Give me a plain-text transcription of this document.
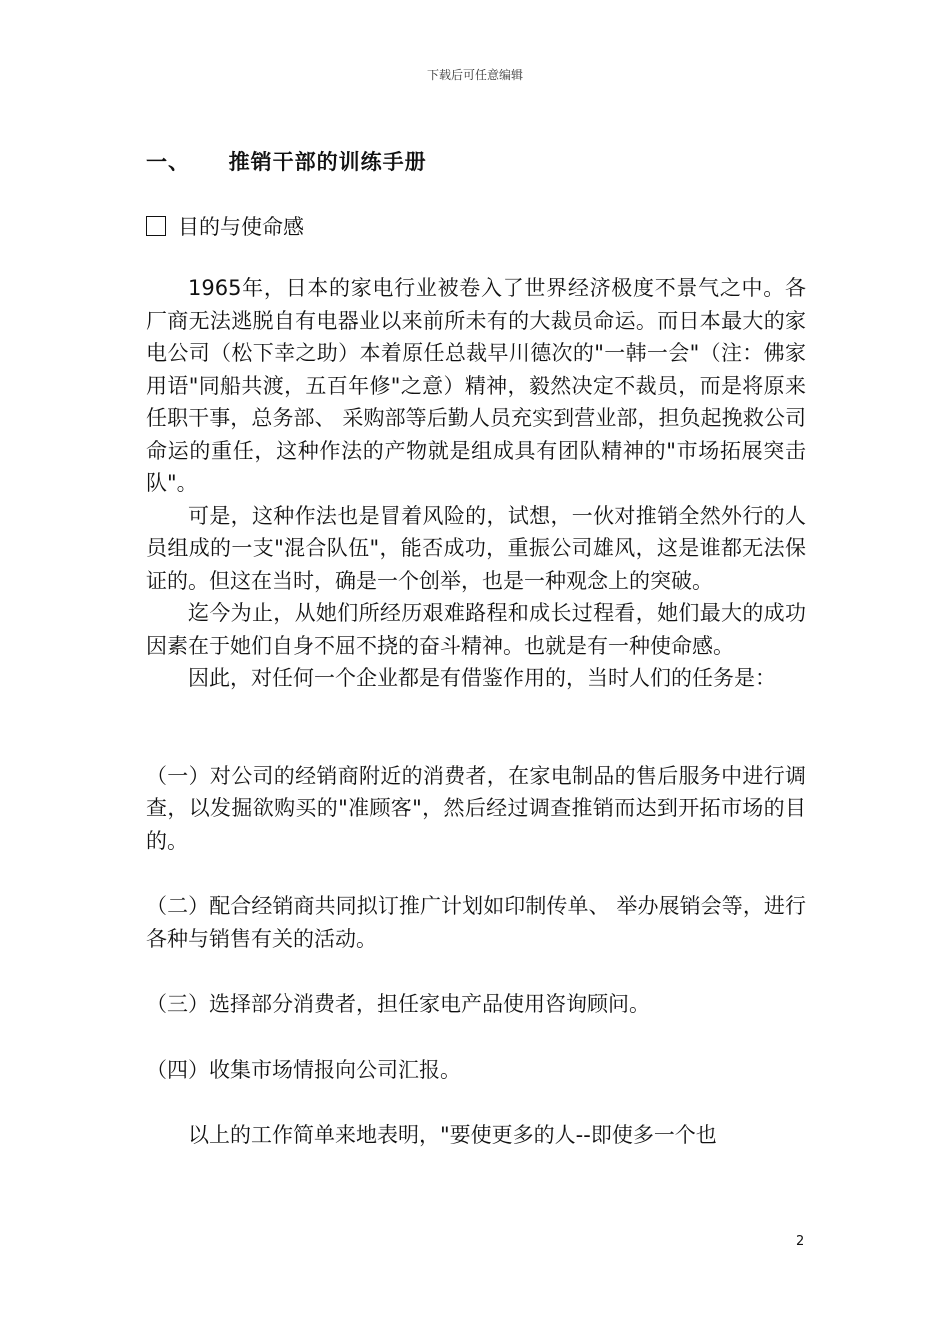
下载后可任意编辑
一、 推销干部的训练手册
目的与使命感

1965年，日本的家电行业被卷入了世界经济极度不景气之中。各厂商无法逃脱自有电器业以来前所未有的大裁员命运。而日本最大的家电公司（松下幸之助）本着原任总裁早川德次的"一韩一会"（注：佛家用语"同船共渡，五百年修"之意）精神，毅然决定不裁员，而是将原来任职干事，总务部、 采购部等后勤人员充实到营业部，担负起挽救公司命运的重任，这种作法的产物就是组成具有团队精神的"市场拓展突击队"。

可是，这种作法也是冒着风险的，试想，一伙对推销全然外行的人员组成的一支"混合队伍"，能否成功，重振公司雄风，这是谁都无法保证的。但这在当时，确是一个创举，也是一种观念上的突破。

迄今为止，从她们所经历艰难路程和成长过程看，她们最大的成功因素在于她们自身不屈不挠的奋斗精神。也就是有一种使命感。

因此，对任何一个企业都是有借鉴作用的，当时人们的任务是：

（一）对公司的经销商附近的消费者，在家电制品的售后服务中进行调查，以发掘欲购买的"准顾客"，然后经过调查推销而达到开拓市场的目的。

（二）配合经销商共同拟订推广计划如印制传单、 举办展销会等，进行各种与销售有关的活动。

（三）选择部分消费者，担任家电产品使用咨询顾问。

（四）收集市场情报向公司汇报。

以上的工作简单来地表明，"要使更多的人--即使多一个也

2
